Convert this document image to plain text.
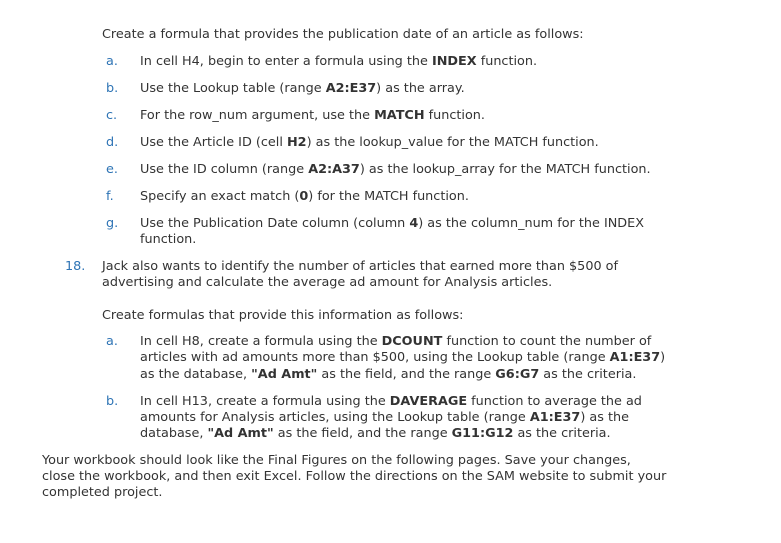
Create a formula that provides the publication date of an article as follows:
a. In cell H4, begin to enter a formula using the INDEX function.
b. Use the Lookup table (range A2:E37) as the array.
c. For the row_num argument, use the MATCH function.
d. Use the Article ID (cell H2) as the lookup_value for the MATCH function.
e. Use the ID column (range A2:A37) as the lookup_array for the MATCH function.
f. Specify an exact match (0) for the MATCH function.
g. Use the Publication Date column (column 4) as the column_num for the INDEX
function.
18. Jack also wants to identify the number of articles that earned more than $500 of
advertising and calculate the average ad amount for Analysis articles.
Create formulas that provide this information as follows:
a. In cell H8, create a formula using the DCOUNT function to count the number of
articles with ad amounts more than $500, using the Lookup table (range A1:E37)
as the database, "Ad Amt" as the field, and the range G6:G7 as the criteria.
b. In cell H13, create a formula using the DAVERAGE function to average the ad
amounts for Analysis articles, using the Lookup table (range A1:E37) as the
database, "Ad Amt" as the field, and the range G11:G12 as the criteria.
Your workbook should look like the Final Figures on the following pages. Save your changes,
close the workbook, and then exit Excel. Follow the directions on the SAM website to submit your
completed project.
